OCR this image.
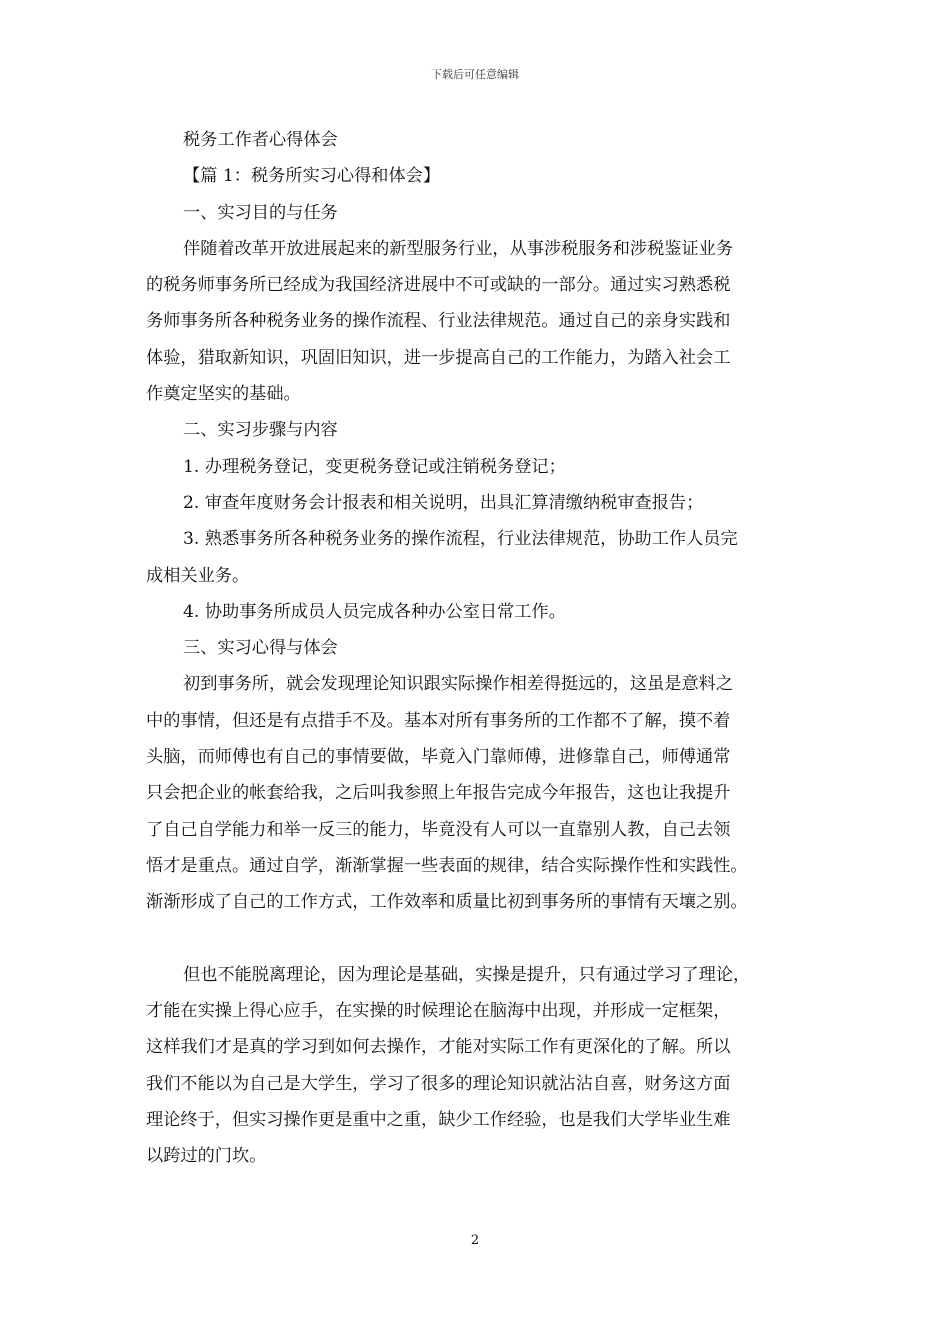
下载后可任意编辑
税务工作者心得体会
【篇 1：税务所实习心得和体会】
一、实习目的与任务
伴随着改革开放进展起来的新型服务行业，从事涉税服务和涉税鉴证业务
的税务师事务所已经成为我国经济进展中不可或缺的一部分。通过实习熟悉税
务师事务所各种税务业务的操作流程、行业法律规范。通过自己的亲身实践和
体验，猎取新知识，巩固旧知识，进一步提高自己的工作能力，为踏入社会工
作奠定坚实的基础。
二、实习步骤与内容
1. 办理税务登记，变更税务登记或注销税务登记；
2. 审查年度财务会计报表和相关说明，出具汇算清缴纳税审查报告；
3. 熟悉事务所各种税务业务的操作流程，行业法律规范，协助工作人员完
成相关业务。
4. 协助事务所成员人员完成各种办公室日常工作。
三、实习心得与体会
初到事务所，就会发现理论知识跟实际操作相差得挺远的，这虽是意料之
中的事情，但还是有点措手不及。基本对所有事务所的工作都不了解，摸不着
头脑，而师傅也有自己的事情要做，毕竟入门靠师傅，进修靠自己，师傅通常
只会把企业的帐套给我，之后叫我参照上年报告完成今年报告，这也让我提升
了自己自学能力和举一反三的能力，毕竟没有人可以一直靠别人教，自己去领
悟才是重点。通过自学，渐渐掌握一些表面的规律，结合实际操作性和实践性。
渐渐形成了自己的工作方式，工作效率和质量比初到事务所的事情有天壤之别。
但也不能脱离理论，因为理论是基础，实操是提升，只有通过学习了理论，
才能在实操上得心应手，在实操的时候理论在脑海中出现，并形成一定框架，
这样我们才是真的学习到如何去操作，才能对实际工作有更深化的了解。所以
我们不能以为自己是大学生，学习了很多的理论知识就沾沾自喜，财务这方面
理论终于，但实习操作更是重中之重，缺少工作经验，也是我们大学毕业生难
以跨过的门坎。
2
